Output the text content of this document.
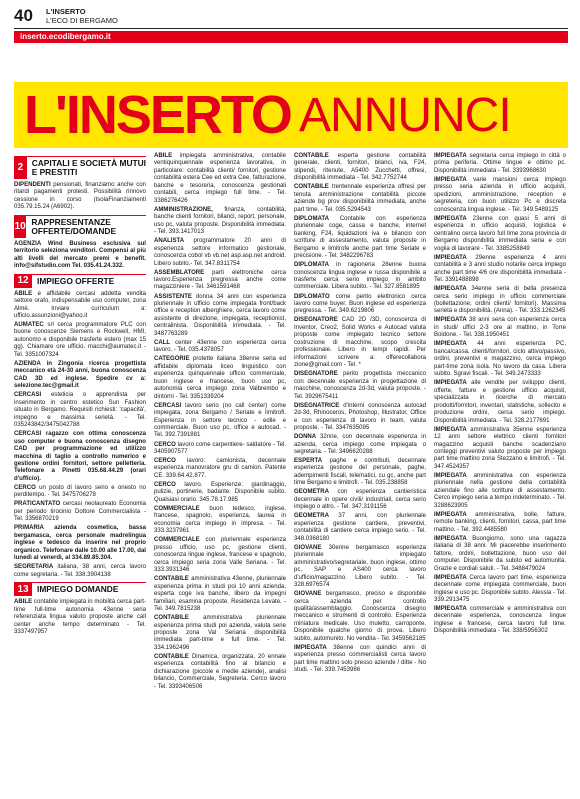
40 L'INSERTO
L'ECO DI BERGAMO
inserto.ecodibergamo.it
L'INSERTO ANNUNCI
2	CAPITALI E SOCIETÀ MUTUI E PRESTITI
DIPENDENTI pensionati, finanziamo anche con ritardi pagamenti protesti. Possibilità rinnovo cessione in corso (IsolaFinanziamenti 035.79.15.24 (A6902).
10 RAPPRESENTANZE OFFERTE/DOMANDE
AGENZIA Wind Business esclusiva sul territorio seleziona venditori. Compensi al più alti livelli del mercato premi e benefit. info@sifstudio.com Tel. 035.41.24.332.
12	IMPIEGO OFFERTE
ABILE e affidabile cercasi addetta vendita settore orafo, indispensabile uso computer, zona Almè. Inviare curriculum a: ufficio.assunzioni@yahoo.it
AUMATEC srl cerca programmatore PLC con buone conoscenze Siemens e Rockwell, HMI, autonomo e disponibile trasferte estero (max 15 gg). Chiamare ore ufficio. macchi@aumatec.it - Tel. 3351007324
AZIENDA in Zingonia ricerca progettista meccanico età 24-30 anni, buona conoscenza CAD 3D ed inglese. Spedire cv a: selezione.tec@gmail.it
CERCASI esteticia o apprendista per inserimento in centro estetico Sun Fashion situato in Bergamo. Requisiti richiesti: 'capacità', impegno e massima serietà. - Tel. 035243842/3475042788
CERCASI ragazzo con ottima conoscenza uso computer e buona conoscenza disegno CAD per programmazione ed utilizzo macchina di taglio a controllo numerico e gestione ordini fornitori, settore pelletteria. Telefonare a Pinetti 035.68.44.29 (orari d'ufficio).
CERCO un posto di lavoro serio e onesto no perditempo. - Tel. 3475706278
PRATICANTATO cercasi neolaureato Economia per periodo tirocinio Dottore Commercialista - Tel. 3356870219
PRIMARIA azienda cosmetica, bassa bergamasca, cerca personale madrelingua inglese e tedesco da inserire nel proprio organico. Telefonare dalle 10.00 alle 17.00, dal lunedì al venerdì, al 334.89.85.304.
SEGRETARIA italiana, 38 anni, cerca lavoro come segretaria. - Tel. 338.3904138
13	IMPIEGO DOMANDE
ABILE contabile impiegata in mobilità cerca part-time full-time autonomia 43enne seria referenziata lingua valuto proposte anche call center anche tempo determinato - Tel. 3337497957
ABILE impiegata amministrativa, contabile ventiquinquennale esperienza lavorativa, in particolare: contabilità clienti/ fornitori, gestione contabilità estera Cee ed extra Cee, fatturazione, banche e tesoreria, conoscenza gestionali contabili, cerca impiego full time. - Tel. 3386276426
AMMINISTRAZIONE, finanza, contabilità, banche clienti fornitori, bilanci, report, personale, uso pc, valuta proposte. Disponibilità immediata. - Tel. 393.1417013
ANALISTA programmatore 20 anni di esperienza settore informatico gestionale, conoscenza cobol vb vb.net asp.asp.net android. Libero subito.- Tel. 347.8311754
ASSEMBLATORE parti elettroniche cerca lavoro.Esperienza pregressa anche come magazziniere - Tel. 3461591468
ASSISTENTE donna 34 anni con esperienza pluriennale in ufficio come impiegata front/back office e reception alberghiere, cerca lavoro come assistente di direzione, impiegata, receptionist, centralinista. Disponibilità immediata. - Tel. 3487763289
CALL center 43enne con esperienza cerca lavoro. - Tel. 035.4378057
CATEGORIE protette italiana 38enne seria ed affidabile diplomata liceo linguistico con esperienza quinquennale ufficio commerciale, buon inglese e francese, buon uso pc, autonomia cerca impiego zona Valbrembo e dintorni - Tel. 3351339204
CERCASI lavoro serio (no call center) come impiegata, zona Bergamo / Seriate e limitrofi. Esperienza in settore tecnico - edile e commerciale. Buon uso pc, office e autocad. - Tel. 392.7391881
CERCO lavoro come carpentiere- saldatore - Tel. 3405907577
CERCO lavoro: camionista, decennale esperienza manovratore gru di camion. Patente CE. 339.64.42.877.
CERCO lavoro. Esperienze: giardinaggio, pulizie, portinerie, badante. Disponibile subito. Qualsiasi orario. 345.78.17.985
COMMERCIALE buon tedesco, inglese, francese, spagnolo, esperienza, laurea in economia cerca impiego in impresa. - Tel. 333.3237961
COMMERCIALE con pluriennale esperienza presso ufficio, uso pc, gestione clienti, conoscenza lingue inglese, francese e spagnolo, cerca impiego seria zona Valle Seriana. - Tel. 333.3931346
CONTABILE amministrativa 43enne, pluriennale esperienza prima in studi poi 10 anni azienda, esperta coge iva banche, libero da impegni familiari, esamina proposte. Residenza Levate. - Tel. 349.7815238
CONTABILE amministrativa pluriennale esperienza prima studi poi azienda, valuta serie proposte zona Val Seriana disponibilità immediata part-time e full time. - Tel. 334.1962496
CONTABILE Dinamica, organizzata, 20 ennale esperienza contabilità fino al bilancio e dichiarazione (piccole e medie aziende), analisi bilancio, Commerciale, Segreteria. Cerco lavoro - Tel. 3393406506
CONTABILE esperta gestione contabilità generale, clienti, fornitori, bilanci, iva, F24, stipendi, ritenute, A5400 Zucchetti, offresi, disponibilità immediata - Tel. 342.7752744
CONTABILE trentennale esperienza offresi per tenuta amministrazione contabilità piccole aziende bg prov disponibilità immediata, anche part time. - Tel. 035.5294543
DIPLOMATA Contabile con esperienza pluriennale coge, cassa e banche, internet banking, F24, liquidazioni iva e bilancio con scritture di assestamento, valuta proposte in Bergamo e limitrofe anche part time Seriate e precisione. - Tel. 3482296783
DIPLOMATA in ragioneria 28enne buona conoscenza lingua inglese e russa disponibile a trasferte cerca serio impiego in ambito commerciale. Libera subito. - Tel. 327.8581895
DIPLOMATO come perito elettronico cerca lavoro come buyer. Buon inglese ed esperienza pregressa. - Tel. 349.6219806
DISEGNATORE CAD 2D /3D, conoscenza di Inventor, Creo2, Solid Works e Autocad valuta proposte come impiegato tecnico settore costruzione di macchine, scopo crescita professionale. Libero in tempi rapidi. Per informazioni scrivere a: offerecollabora zione@gmail.com - Tel. *
DISEGNATORE perito progettista meccanico con decennale esperienza in progettazione di macchine, conoscenza 2d-3d, valuta proposte. - Tel. 3929675411
DISEGNATRICE d'interni conoscenza autocad 2d-3d, Rhinoceros, Photoshop, Illustrator, Office e con esperienza di lavoro in team, valuta proposte. - Tel. 3347635095
DONNA 32nne, con decennale esperienza in azienda, cerca impiego come impiegata o segretaria. - Tel. 3496620288
ESPERTA paghe e contributi, decennale esperienza gestione del personale, paghe, adempimenti fiscali, telematici, cu gc, anche part time Bergamo e limitrofi. - Tel. 035.238858
GEOMETRA con esperienza cantieristica decennale in opere civili/ industriali, cerca serio impiego o altro. - Tel. 347.3191156
GEOMETRA 37 anni, con pluriennale esperienza gestione cantiere, preventivi, contabilità di cantiere cerca impiego serio. - Tel. 348.0368180
GIOVANE 30enne bergamasco esperienza pluriennale impiegato amministrativo/segretariale, buon inglese, ottimo pc, SAP e AS400 cerca lavoro d'ufficio/magazzino. Libero subito. - Tel. 328.6976574
GIOVANE bergamasco, preciso e disponibile cerca azienda per controllo qualità/assemblaggio. Conoscenza disegno meccanico e strumenti di controllo. Esperienza miniatura medicale. Uso muletto, carroponte. Disponibile qualche giorno di prova. Libero subito, automunito. No vendita - Tel. 3459562185
IMPIEGATA 38enne con quindici anni di esperienza presso commercialisti cerca lavoro part time mattino solo presso aziende / ditte - No studi. - Tel. 339.7453986
IMPIEGATA segretaria cerca impiego in città o prima periferia. Ottime lingue e ottimo pc. Disponibilità immediata - Tel. 3393968630
IMPIEGATA varie mansioni cerca impiego presso seria azienda in ufficio acquisti, spedizioni, amministrazione, reception e segreteria, con buon utilizzo Pc e discreta conoscenza lingua inglese. - Tel. 349.5489125
IMPIEGATA 23enne con quasi 5 anni di esperienza in ufficio acquisti, logistica e centralino cerca lavoro full time zona provincia di Bergamo disponibilità immediata seria e con voglia di lavorare - Tel. 3385258849
IMPIEGATA 29enne esperienza 4 anni contabilità e 3 anni studio notarile cerca impiego anche part time 4/6 ore disponibilità immediata - Tel. 3391488898
IMPIEGATA 34enne seria di bella presenza cerca serio impiego in ufficio commerciale (bollettazione, ordini clienti/ fornitori). Massima serietà e disponibilità. (Anna). - Tel. 333.1262345
IMPIEGATA 38 anni seria con esperienza cerca in studi/ uffici 2-3 ore al mattino, in Torre Boldone. - Tel. 338.1950451
IMPIEGATA 44 anni esperienza PC, banca/cassa, clienti/fornitori, ciclo attivo/passivo, ordini, preventivi e magazzino, cerca impiego part-time zona isola. No lavoro da casa. Libera subito. Sgravi fiscali. - Tel. 349.2473333
IMPIEGATA alle vendite per sviluppo clienti, offerte, fatture e gestione ufficio acquisti, specializzata in ricerche di mercato prodotti/fornitori, inventari, statistiche, sollecito e produzione ordini, cerca serio impiego. Disponibilità immediata. - Tel. 328.2177691
IMPIEGATA amministrativa 35enne esperienza 12 anni settore elettrico clienti fornitori magazzino acquisti banche scadenziario contegqi preventivi valuto proposte per impiego part time mattino zona Stezzano e limitrofi. - Tel. 347.4524357
IMPIEGATA amministrativa con esperienza pluriennale nella gestione della contabilità aziendale fino alle scritture di assestamento. Cerco impiego seria a tempo indeterminato. - Tel. 3288623905
IMPIEGATA amministrativa, bolle, fatture, remote banking, clienti, fornitori, cassa, part time mattino. - Tel. 392.4485580
IMPIEGATA Buongiorno, sono una ragazza italiana di 38 anni. Mi piacerebbe inserirmento fattore, ordini, bollettazione, buon uso del computer. Disponibile da subito ed automunita. Grazie e cordiali saluti. - Tel. 3488479024
IMPIEGATA Cerca lavoro part time, esperienza decennale come impiegata commerciale, buon inglese e uso pc. Disponibile subito. Alessia - Tel. 339.2913475
IMPIEGATA commerciale e amministrativa con decennale esperienza, conoscenza lingue inglese e francese, cerca lavoro full time. Disponibilità immediata - Tel. 338/5956302
